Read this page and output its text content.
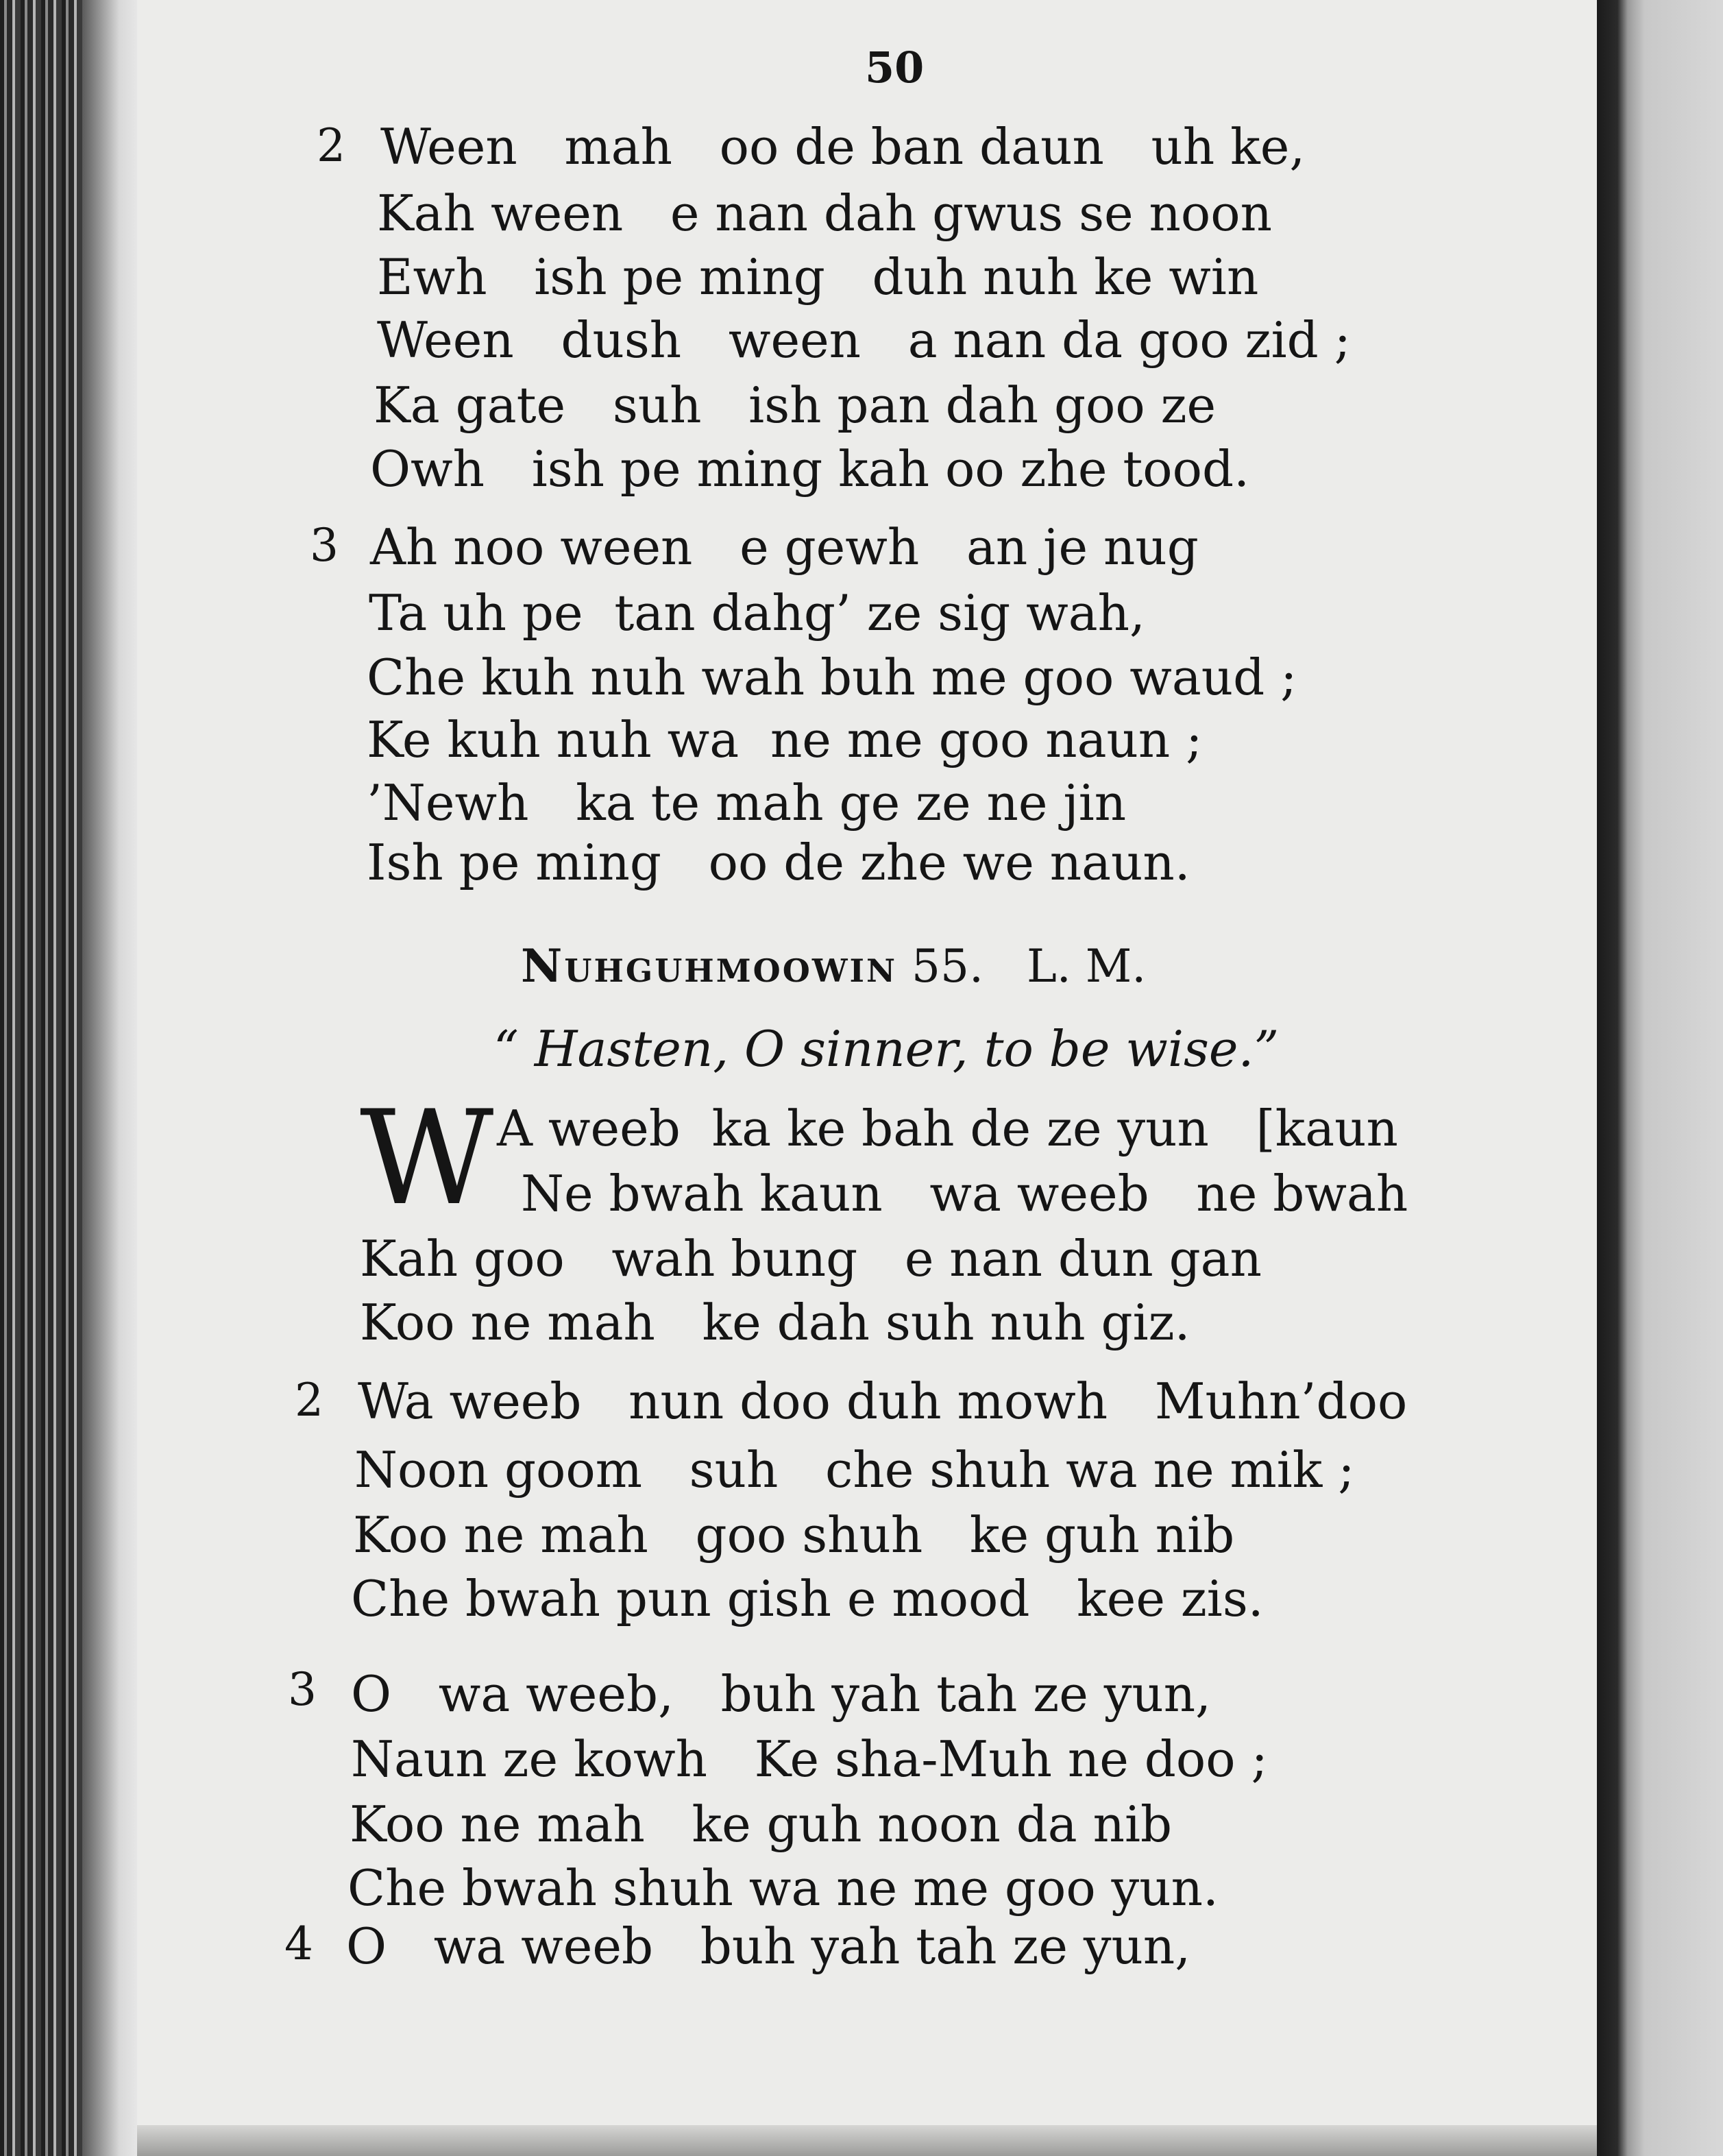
50
2 Ween   mah   oo de ban daun   uh ke,
Kah ween   e nan dah gwus se noon
Ewh   ish pe ming   duh nuh ke win
Ween   dush   ween   a nan da goo zid ;
Ka gate   suh   ish pan dah goo ze
Owh   ish pe ming kah oo zhe tood.
3 Ah noo ween   e gewh   an je nug
Ta uh pe  tan dahg’ ze sig wah,
Che kuh nuh wah buh me goo waud ;
Ke kuh nuh wa  ne me goo naun ;
’Newh   ka te mah ge ze ne jin
Ish pe ming   oo de zhe we naun.
Nuhguhmoowin 55.   L. M.
“ Hasten, O sinner, to be wise.”
W A weeb  ka ke bah de ze yun   [kaun
Ne bwah kaun   wa weeb   ne bwah
Kah goo   wah bung   e nan dun gan
Koo ne mah   ke dah suh nuh giz.
2 Wa weeb   nun doo duh mowh   Muhn’doo
Noon goom   suh   che shuh wa ne mik ;
Koo ne mah   goo shuh   ke guh nib
Che bwah pun gish e mood   kee zis.
3 O   wa weeb,   buh yah tah ze yun,
Naun ze kowh   Ke sha-Muh ne doo ;
Koo ne mah   ke guh noon da nib
Che bwah shuh wa ne me goo yun.
4 O   wa weeb   buh yah tah ze yun,
